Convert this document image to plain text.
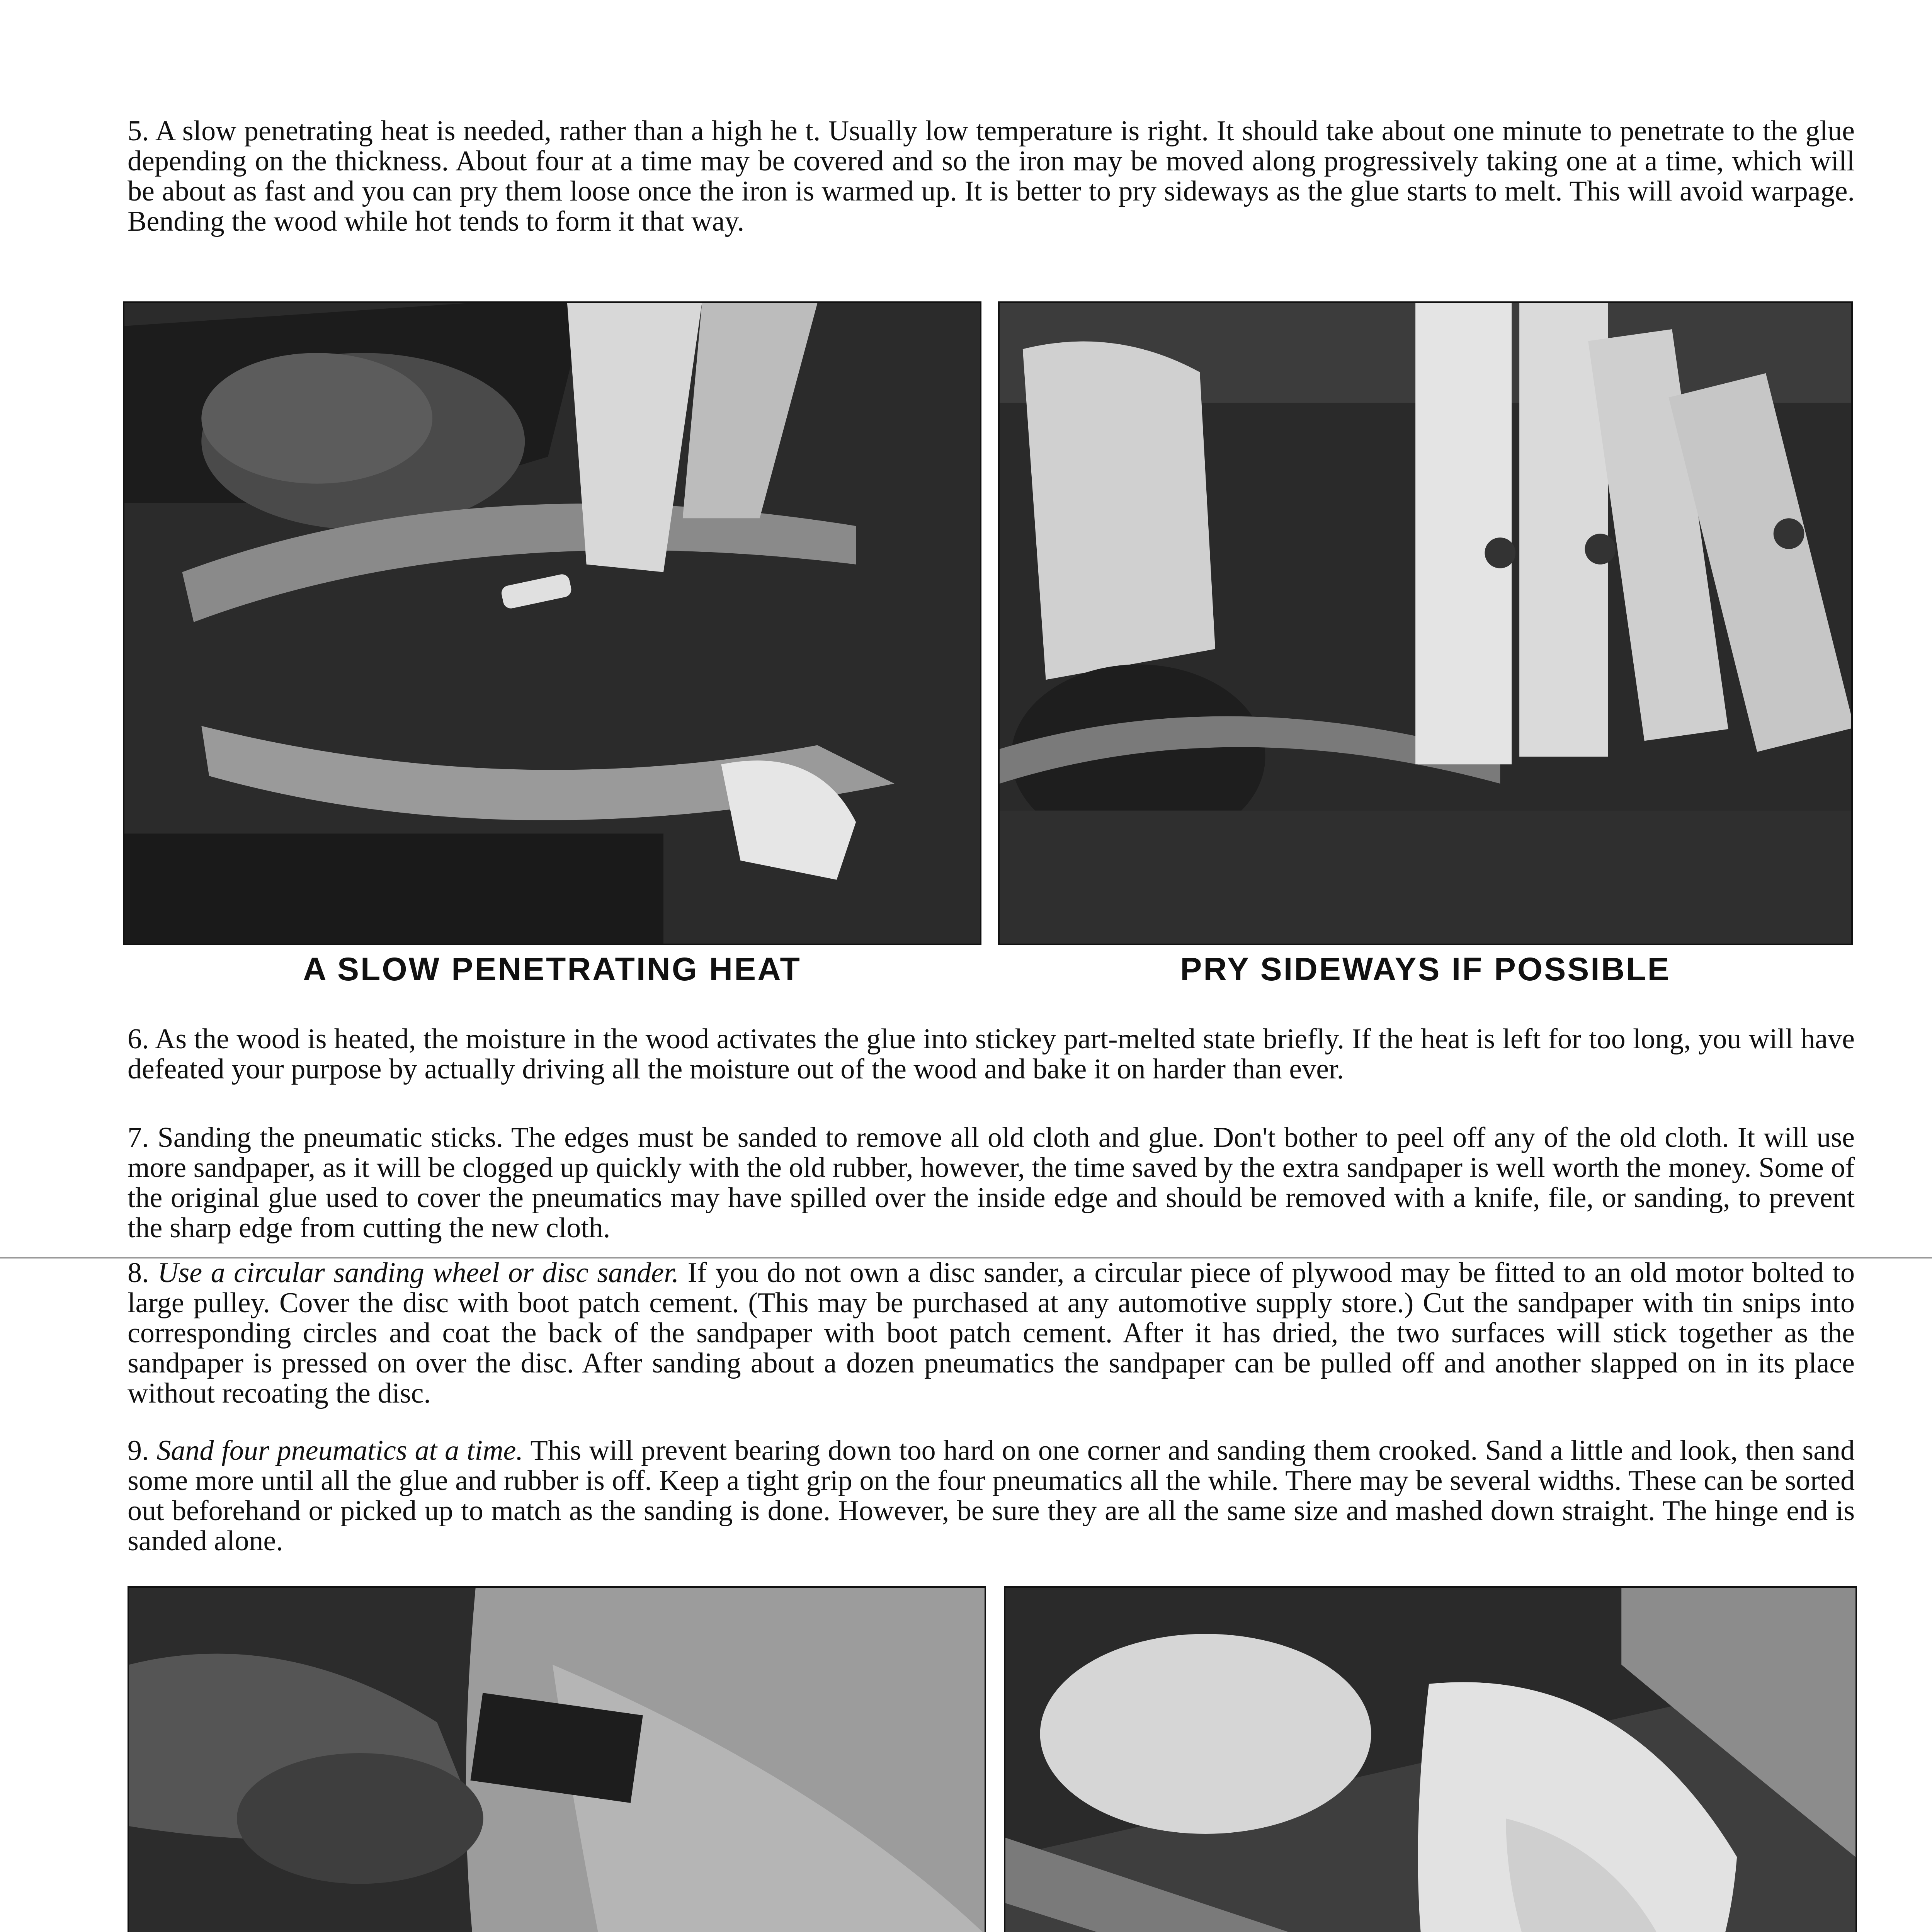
5. A slow penetrating heat is needed, rather than a high he t. Usually low temperature is right. It should take about one minute to penetrate to the glue depending on the thickness. About four at a time may be covered and so the iron may be moved along progressively taking one at a time, which will be about as fast and you can pry them loose once the iron is warmed up. It is better to pry sideways as the glue starts to melt. This will avoid warpage. Bending the wood while hot tends to form it that way.

A SLOW PENETRATING HEAT	PRY SIDEWAYS IF POSSIBLE

6. As the wood is heated, the moisture in the wood activates the glue into stickey part-melted state briefly. If the heat is left for too long, you will have defeated your purpose by actually driving all the moisture out of the wood and bake it on harder than ever.

7. Sanding the pneumatic sticks. The edges must be sanded to remove all old cloth and glue. Don't bother to peel off any of the old cloth. It will use more sandpaper, as it will be clogged up quickly with the old rubber, however, the time saved by the extra sandpaper is well worth the money. Some of the original glue used to cover the pneumatics may have spilled over the inside edge and should be removed with a knife, file, or sanding, to prevent the sharp edge from cutting the new cloth.

8. Use a circular sanding wheel or disc sander. If you do not own a disc sander, a circular piece of plywood may be fitted to an old motor bolted to large pulley. Cover the disc with boot patch cement. (This may be purchased at any automotive supply store.) Cut the sandpaper with tin snips into corresponding circles and coat the back of the sandpaper with boot patch cement. After it has dried, the two surfaces will stick together as the sandpaper is pressed on over the disc. After sanding about a dozen pneumatics the sandpaper can be pulled off and another slapped on in its place without recoating the disc.

9. Sand four pneumatics at a time. This will prevent bearing down too hard on one corner and sanding them crooked. Sand a little and look, then sand some more until all the glue and rubber is off. Keep a tight grip on the four pneumatics all the while. There may be several widths. These can be sorted out beforehand or picked up to match as the sanding is done. However, be sure they are all the same size and mashed down straight. The hinge end is sanded alone.
